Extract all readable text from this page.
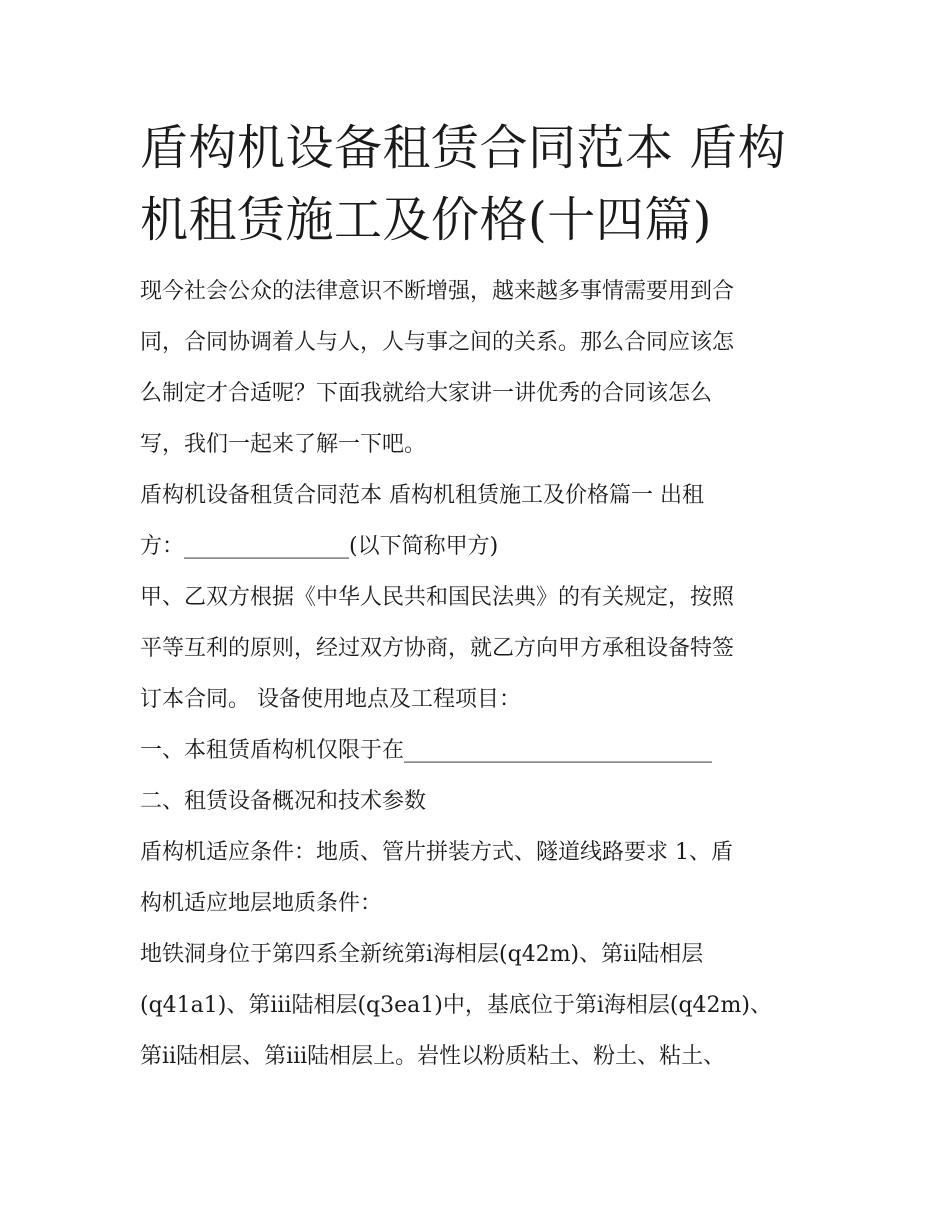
盾构机设备租赁合同范本 盾构
机租赁施工及价格(十四篇)

现今社会公众的法律意识不断增强，越来越多事情需要用到合
同，合同协调着人与人，人与事之间的关系。那么合同应该怎
么制定才合适呢？下面我就给大家讲一讲优秀的合同该怎么
写，我们一起来了解一下吧。

盾构机设备租赁合同范本 盾构机租赁施工及价格篇一 出租
方：_______________(以下简称甲方)

甲、乙双方根据《中华人民共和国民法典》的有关规定，按照
平等互利的原则，经过双方协商，就乙方向甲方承租设备特签
订本合同。 设备使用地点及工程项目：

一、本租赁盾构机仅限于在____________________________

二、租赁设备概况和技术参数

盾构机适应条件：地质、管片拼装方式、隧道线路要求 1、盾
构机适应地层地质条件：

地铁洞身位于第四系全新统第ⅰ海相层(q42m)、第ⅱ陆相层
(q41a1)、第ⅲ陆相层(q3ea1)中，基底位于第ⅰ海相层(q42m)、
第ⅱ陆相层、第ⅲ陆相层上。岩性以粉质粘土、粉土、粘土、
